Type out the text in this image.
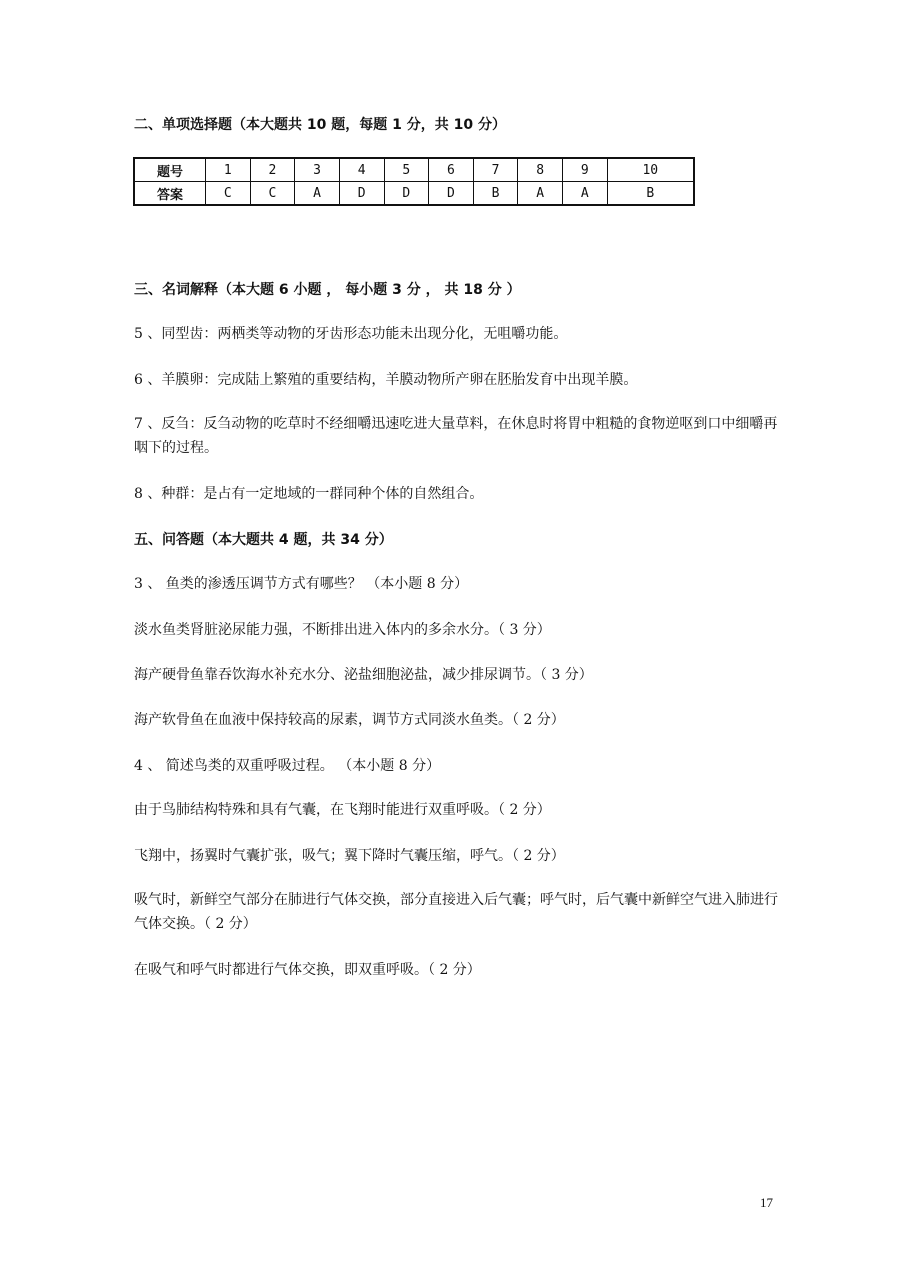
二、单项选择题（本大题共 10 题，每题 1 分，共 10 分）
题号	1	2	3	4	5	6	7	8	9	10
答案	C	C	A	D	D	D	B	A	A	B
三、名词解释（本大题 6 小题 ， 每小题 3 分 ， 共 18 分 ）
5 、同型齿：两栖类等动物的牙齿形态功能未出现分化，无咀嚼功能。
6 、羊膜卵：完成陆上繁殖的重要结构，羊膜动物所产卵在胚胎发育中出现羊膜。
7 、反刍：反刍动物的吃草时不经细嚼迅速吃进大量草料，在休息时将胃中粗糙的食物逆呕到口中细嚼再咽下的过程。
8 、种群：是占有一定地域的一群同种个体的自然组合。
五、问答题（本大题共 4 题，共 34 分）
3 、 鱼类的渗透压调节方式有哪些？ （本小题 8 分）
淡水鱼类肾脏泌尿能力强，不断排出进入体内的多余水分。（ 3 分）
海产硬骨鱼靠吞饮海水补充水分、泌盐细胞泌盐，减少排尿调节。（ 3 分）
海产软骨鱼在血液中保持较高的尿素，调节方式同淡水鱼类。（ 2 分）
4 、 简述鸟类的双重呼吸过程。 （本小题 8 分）
由于鸟肺结构特殊和具有气囊，在飞翔时能进行双重呼吸。（ 2 分）
飞翔中，扬翼时气囊扩张，吸气；翼下降时气囊压缩，呼气。（ 2 分）
吸气时，新鲜空气部分在肺进行气体交换，部分直接进入后气囊；呼气时，后气囊中新鲜空气进入肺进行气体交换。（ 2 分）
在吸气和呼气时都进行气体交换，即双重呼吸。（ 2 分）
17
